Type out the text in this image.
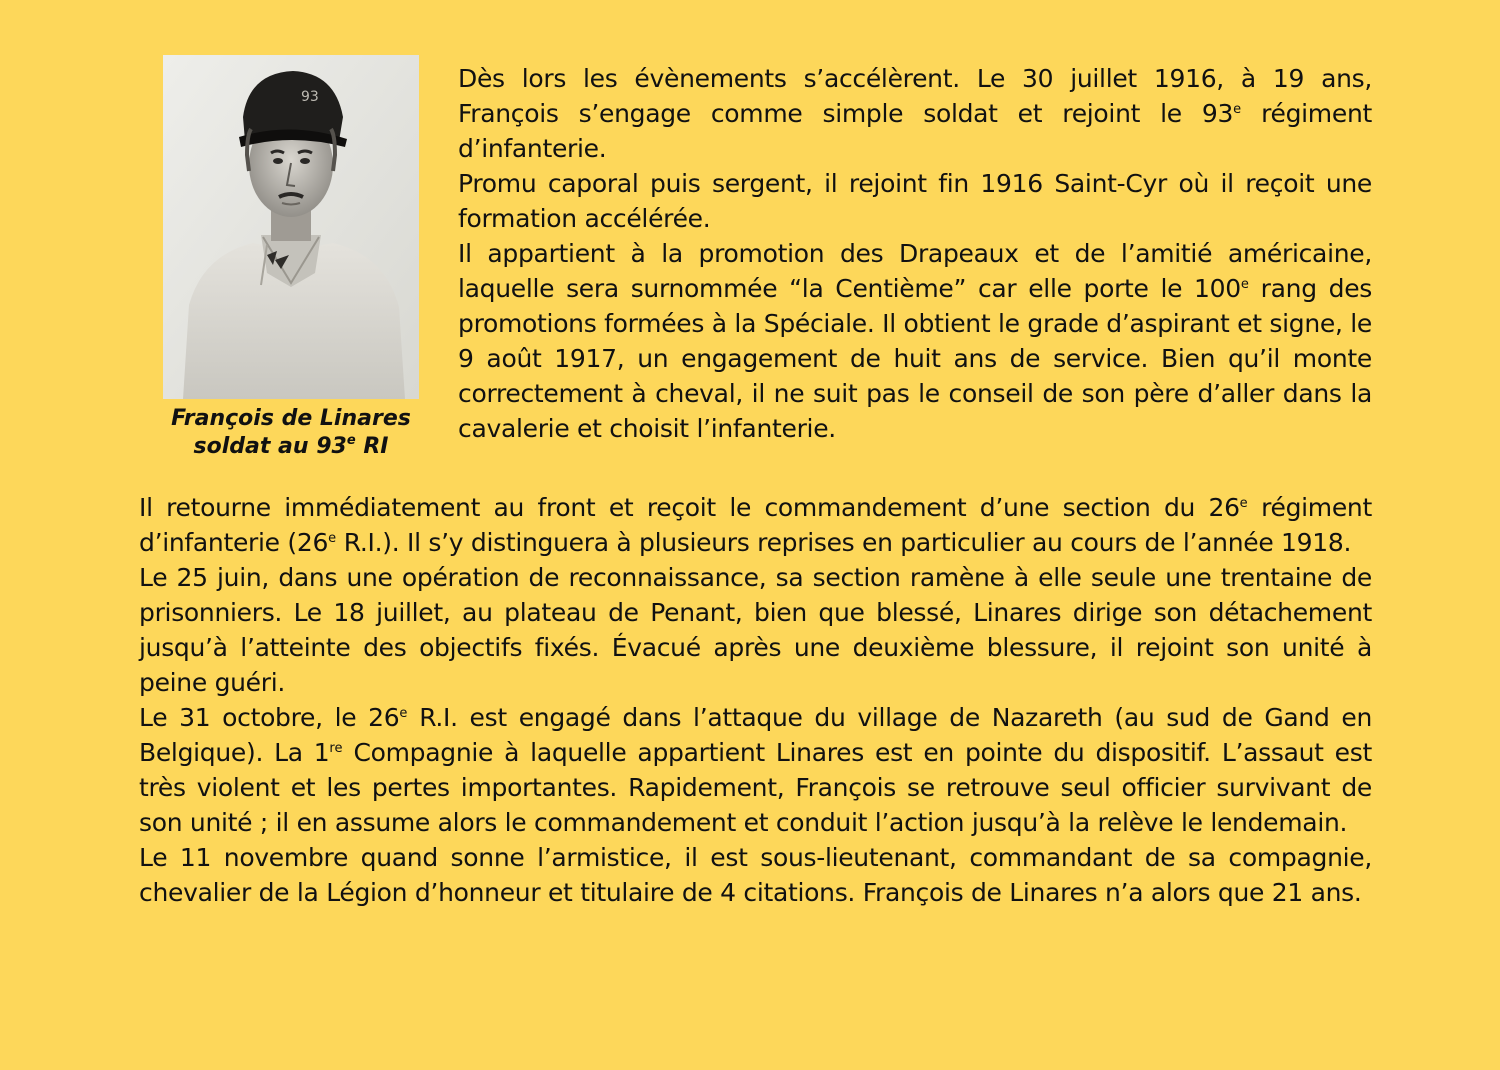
93
François de Linares
soldat au 93e RI

Dès lors les évènements s’accélèrent. Le 30 juillet 1916, à 19 ans, François s’engage comme simple soldat et rejoint le 93e régiment d’infanterie.

Promu caporal puis sergent, il rejoint fin 1916 Saint-Cyr où il reçoit une formation accélérée.

Il appartient à la promotion des Drapeaux et de l’amitié américaine, laquelle sera surnommée “la Centième” car elle porte le 100e rang des promotions formées à la Spéciale. Il obtient le grade d’aspirant et signe, le 9 août 1917, un engagement de huit ans de service. Bien qu’il monte correctement à cheval, il ne suit pas le conseil de son père d’aller dans la cavalerie et choisit l’infanterie.

Il retourne immédiatement au front et reçoit le commandement d’une section du 26e régiment d’infanterie (26e R.I.). Il s’y distinguera à plusieurs reprises en particulier au cours de l’année 1918.

Le 25 juin, dans une opération de reconnaissance, sa section ramène à elle seule une trentaine de prisonniers. Le 18 juillet, au plateau de Penant, bien que blessé, Linares dirige son détachement jusqu’à l’atteinte des objectifs fixés. Évacué après une deuxième blessure, il rejoint son unité à peine guéri.

Le 31 octobre, le 26e R.I. est engagé dans l’attaque du village de Nazareth (au sud de Gand en Belgique). La 1re Compagnie à laquelle appartient Linares est en pointe du dispositif. L’assaut est très violent et les pertes importantes. Rapidement, François se retrouve seul officier survivant de son unité ; il en assume alors le commandement et conduit l’action jusqu’à la relève le lendemain.

Le 11 novembre quand sonne l’armistice, il est sous-lieutenant, commandant de sa compagnie, chevalier de la Légion d’honneur et titulaire de 4 citations. François de Linares n’a alors que 21 ans.
